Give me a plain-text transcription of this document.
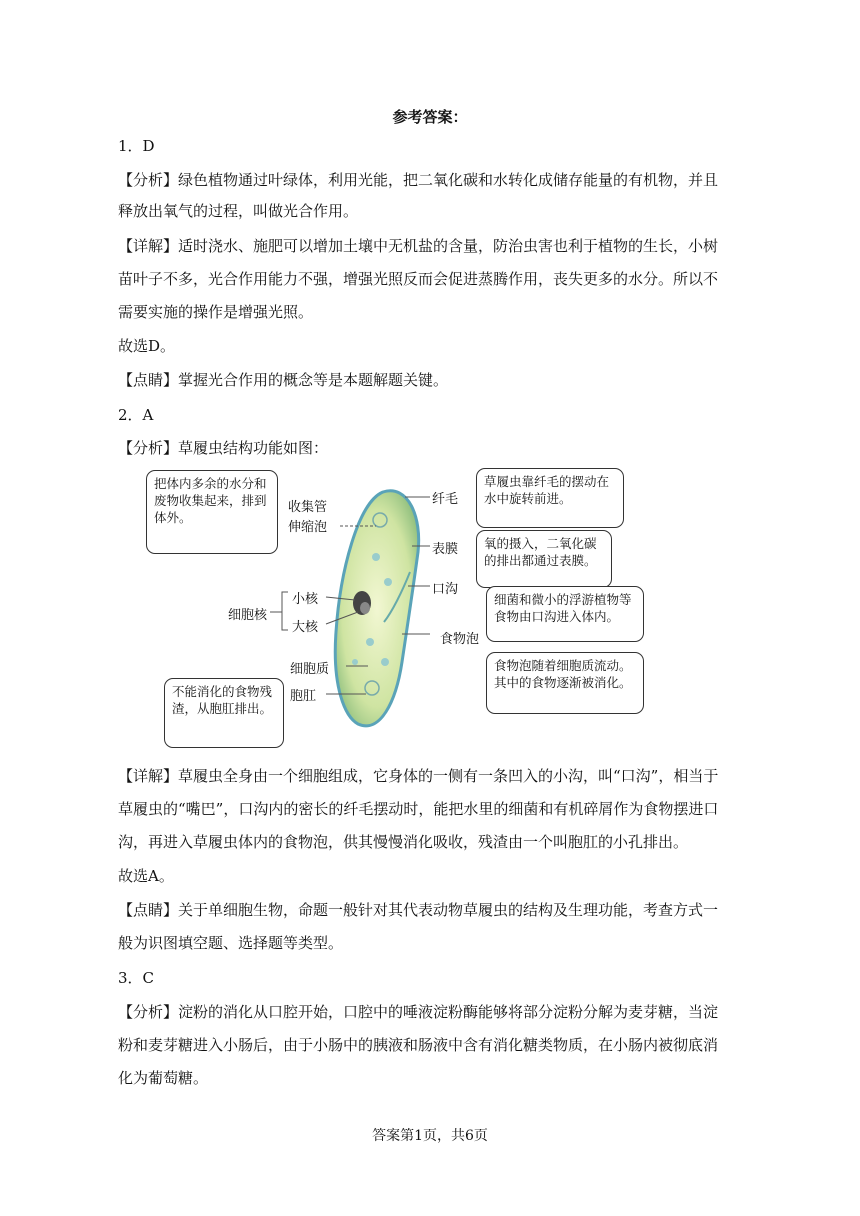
参考答案：
1．D
【分析】绿色植物通过叶绿体，利用光能，把二氧化碳和水转化成储存能量的有机物，并且
释放出氧气的过程，叫做光合作用。
【详解】适时浇水、施肥可以增加土壤中无机盐的含量，防治虫害也利于植物的生长，小树
苗叶子不多，光合作用能力不强，增强光照反而会促进蒸腾作用，丧失更多的水分。所以不
需要实施的操作是增强光照。
故选D。
【点睛】掌握光合作用的概念等是本题解题关键。
2．A
【分析】草履虫结构功能如图：
把体内多余的水分和废物收集起来，排到体外。
收集管
伸缩泡
纤毛
草履虫靠纤毛的摆动在水中旋转前进。
表膜	氧的摄入，二氧化碳的排出都通过表膜。
口沟
细菌和微小的浮游植物等食物由口沟进入体内。
细胞核
小核
大核
食物泡
食物泡随着细胞质流动。其中的食物逐渐被消化。
细胞质
胞肛
不能消化的食物残渣，从胞肛排出。
【详解】草履虫全身由一个细胞组成，它身体的一侧有一条凹入的小沟，叫“口沟”，相当于
草履虫的“嘴巴”，口沟内的密长的纤毛摆动时，能把水里的细菌和有机碎屑作为食物摆进口
沟，再进入草履虫体内的食物泡，供其慢慢消化吸收，残渣由一个叫胞肛的小孔排出。
故选A。
【点睛】关于单细胞生物，命题一般针对其代表动物草履虫的结构及生理功能，考查方式一
般为识图填空题、选择题等类型。
3．C
【分析】淀粉的消化从口腔开始，口腔中的唾液淀粉酶能够将部分淀粉分解为麦芽糖，当淀
粉和麦芽糖进入小肠后，由于小肠中的胰液和肠液中含有消化糖类物质，在小肠内被彻底消
化为葡萄糖。
答案第1页，共6页
